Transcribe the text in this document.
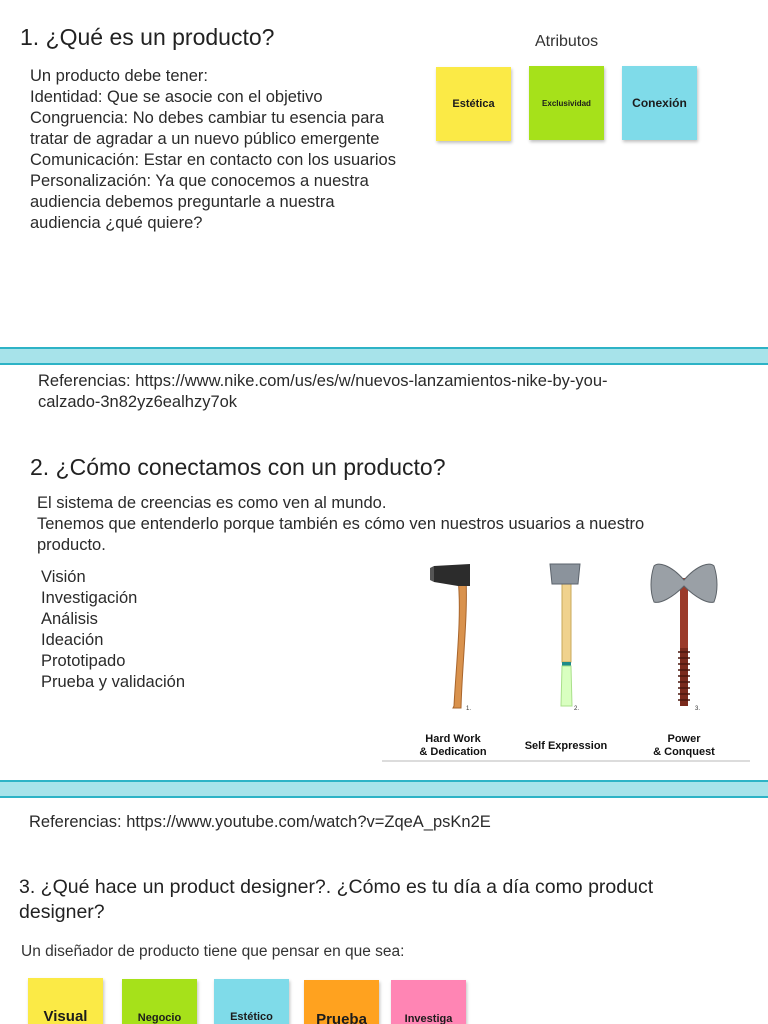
1. ¿Qué es un producto?	Atributos
Un producto debe tener:
Identidad: Que se asocie con el objetivo
Congruencia: No debes cambiar tu esencia para
tratar de agradar a un nuevo público emergente
Comunicación: Estar en contacto con los usuarios
Personalización: Ya que conocemos a nuestra
audiencia debemos preguntarle a nuestra
audiencia ¿qué quiere?
Estética	Exclusividad	Conexión
Referencias: https://www.nike.com/us/es/w/nuevos-lanzamientos-nike-by-you-
calzado-3n82yz6ealhzy7ok
2. ¿Cómo conectamos con un producto?
El sistema de creencias es como ven al mundo.
Tenemos que entenderlo porque también es cómo ven nuestros usuarios a nuestro
producto.
Visión
Investigación
Análisis
Ideación
Prototipado
Prueba y validación
1.	2.	3.
Hard Work
& Dedication	Self Expression
Power
& Conquest
Referencias: https://www.youtube.com/watch?v=ZqeA_psKn2E
3. ¿Qué hace un product designer?. ¿Cómo es tu día a día como product
designer?
Un diseñador de producto tiene que pensar en que sea:
Visual	Negocio	Estético	Prueba	Investiga
